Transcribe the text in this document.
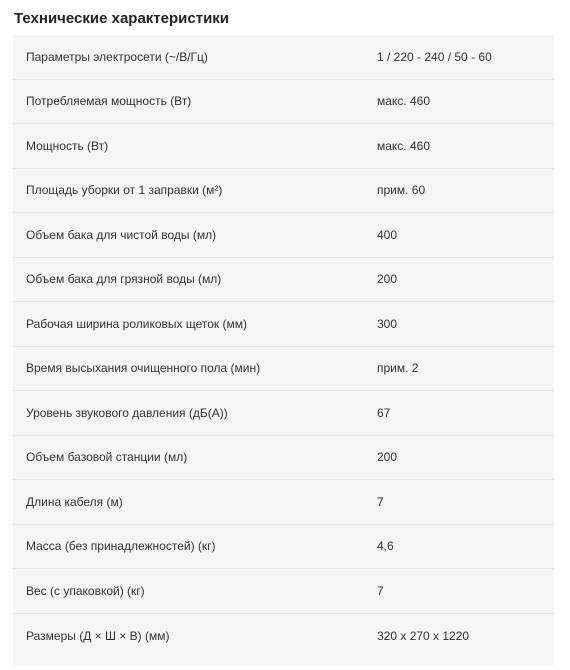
Технические характеристики
Параметры электросети (~/В/Гц)	1 / 220 - 240 / 50 - 60
Потребляемая мощность (Вт)	макс. 460
Мощность (Вт)	макс. 460
Площадь уборки от 1 заправки (м²)	прим. 60
Объем бака для чистой воды (мл)	400
Объем бака для грязной воды (мл)	200
Рабочая ширина роликовых щеток (мм)	300
Время высыхания очищенного пола (мин)	прим. 2
Уровень звукового давления (дБ(А))	67
Объем базовой станции (мл)	200
Длина кабеля (м)	7
Масса (без принадлежностей) (кг)	4,6
Вес (с упаковкой) (кг)	7
Размеры (Д × Ш × В) (мм)	320 x 270 x 1220
